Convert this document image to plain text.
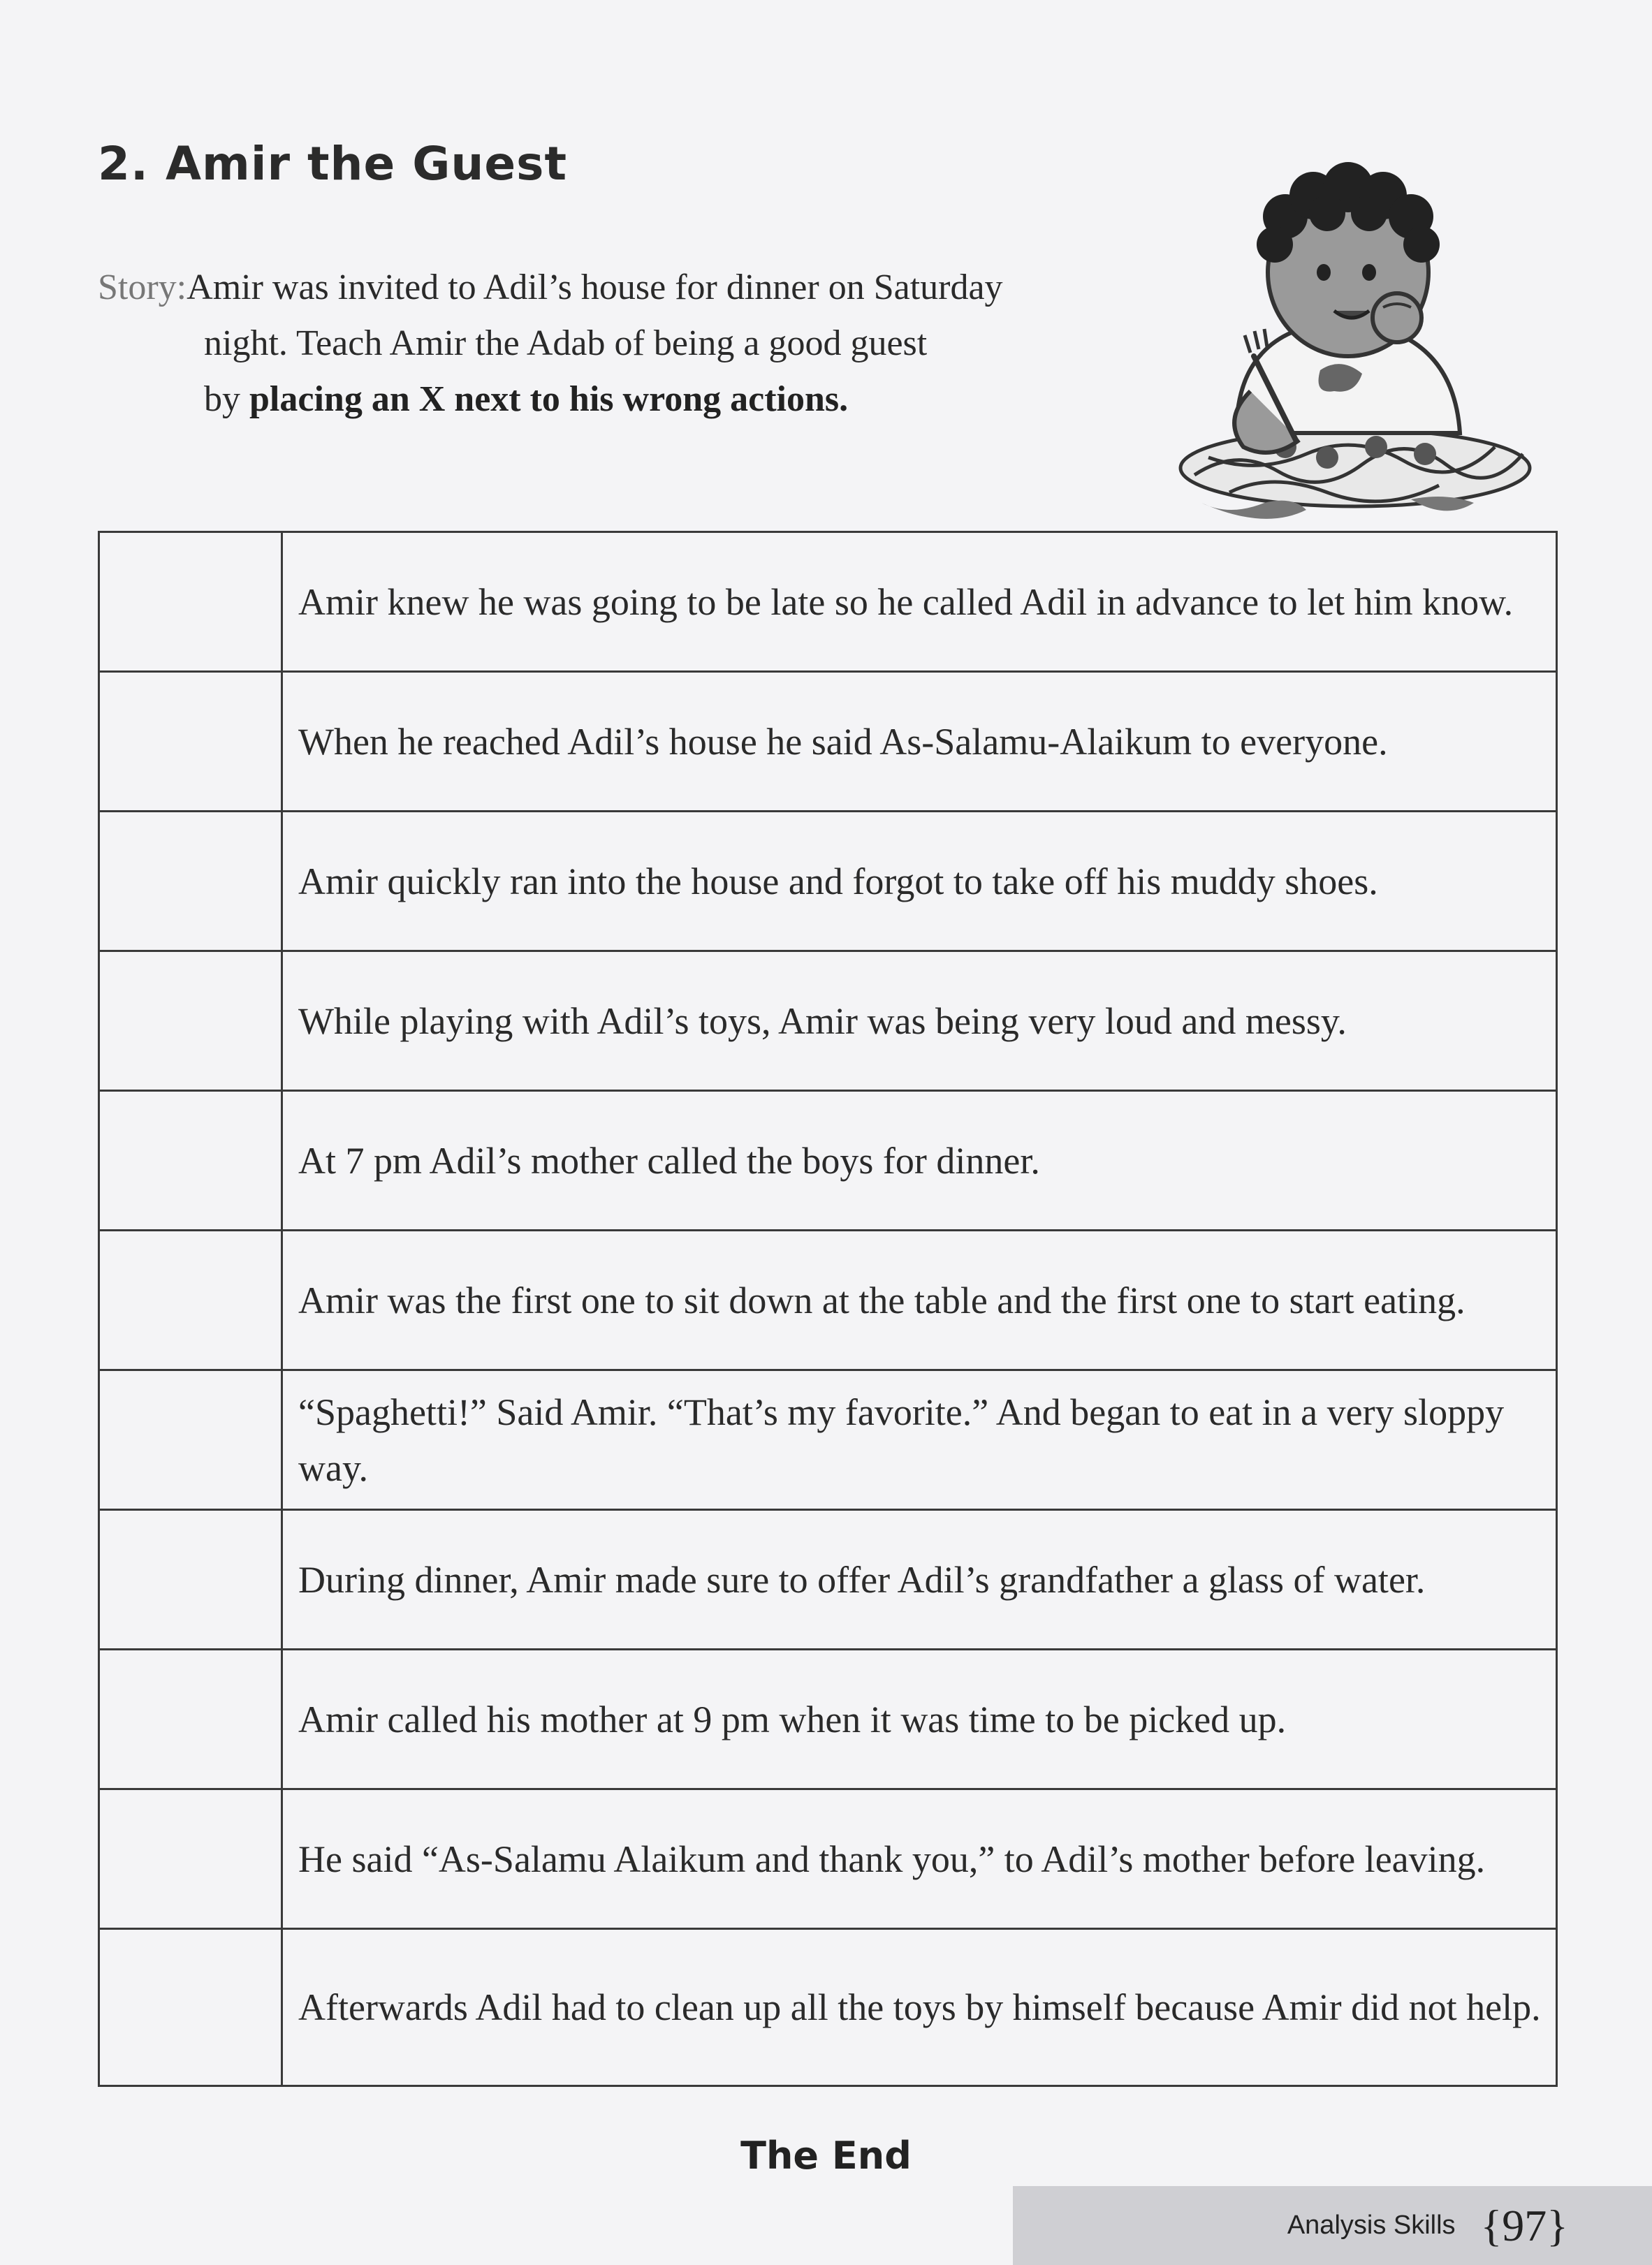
2. Amir the Guest
Story:Amir was invited to Adil’s house for dinner on Saturday
night. Teach Amir the Adab of being a good guest
by placing an X next to his wrong actions.
	Amir knew he was going to be late so he called Adil in advance to let him know.
	When he reached Adil’s house he said As-Salamu-Alaikum to everyone.
	Amir quickly ran into the house and forgot to take off his muddy shoes.
	While playing with Adil’s toys, Amir was being very loud and messy.
	At 7 pm Adil’s mother called the boys for dinner.
	Amir was the first one to sit down at the table and the first one to start eating.
	“Spaghetti!” Said Amir. “That’s my favorite.” And began to eat in a very sloppy way.
	During dinner, Amir made sure to offer Adil’s grandfather a glass of water.
	Amir called his mother at 9 pm when it was time to be picked up.
	He said “As-Salamu Alaikum and thank you,” to Adil’s mother before leaving.
	Afterwards Adil had to clean up all the toys by himself because Amir did not help.
The End
Analysis Skills {97}
